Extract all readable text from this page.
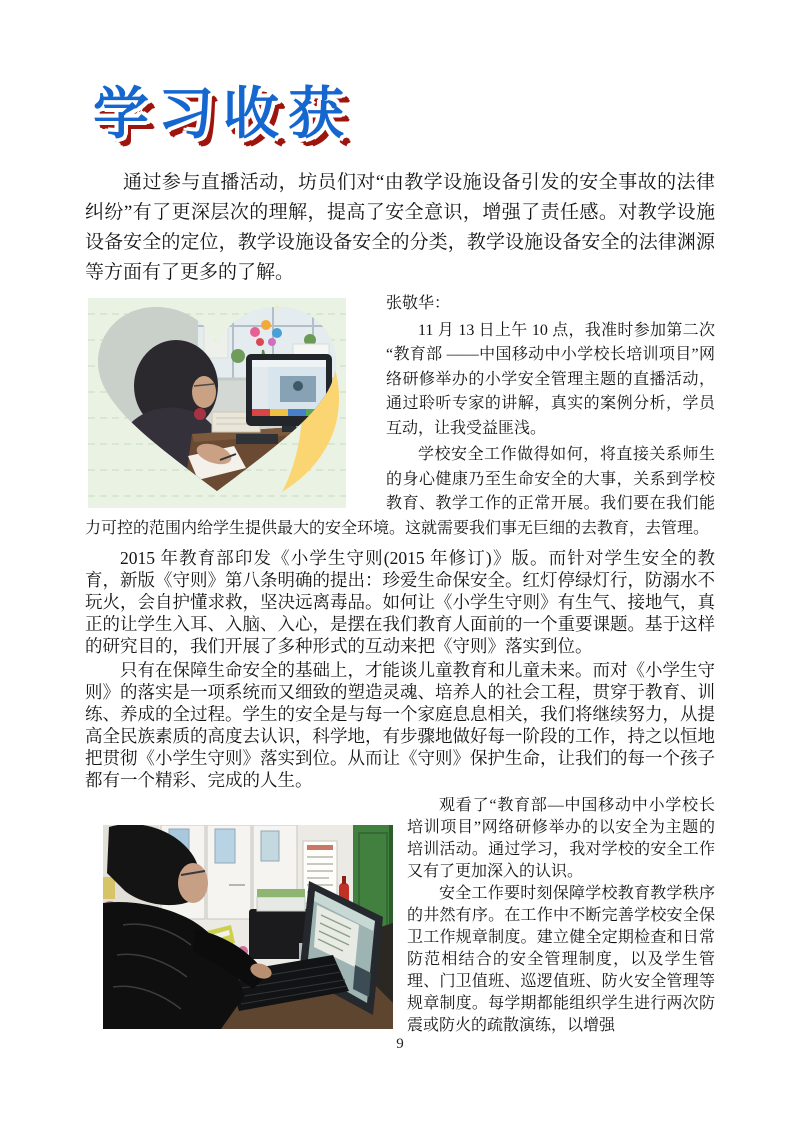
学习收获

通过参与直播活动，坊员们对“由教学设施设备引发的安全事故的法律纠纷”有了更深层次的理解，提高了安全意识，增强了责任感。对教学设施设备安全的定位，教学设施设备安全的分类，教学设施设备安全的法律渊源等方面有了更多的了解。

张敬华：

11 月 13 日上午 10 点，我准时参加第二次“教育部 ——中国移动中小学校长培训项目”网络研修举办的小学安全管理主题的直播活动，通过聆听专家的讲解，真实的案例分析，学员互动，让我受益匪浅。

学校安全工作做得如何，将直接关系师生的身心健康乃至生命安全的大事，关系到学校教育、教学工作的正常开展。我们要在我们能力可控的范围内给学生提供最大的安全环境。这就需要我们事无巨细的去教育，去管理。

2015 年教育部印发《小学生守则(2015 年修订)》版。而针对学生安全的教育，新版《守则》第八条明确的提出：珍爱生命保安全。红灯停绿灯行，防溺水不玩火，会自护懂求救，坚决远离毒品。如何让《小学生守则》有生气、接地气，真正的让学生入耳、入脑、入心，是摆在我们教育人面前的一个重要课题。基于这样的研究目的，我们开展了多种形式的互动来把《守则》落实到位。

只有在保障生命安全的基础上，才能谈儿童教育和儿童未来。而对《小学生守则》的落实是一项系统而又细致的塑造灵魂、培养人的社会工程，贯穿于教育、训练、养成的全过程。学生的安全是与每一个家庭息息相关，我们将继续努力，从提高全民族素质的高度去认识，科学地，有步骤地做好每一阶段的工作，持之以恒地把贯彻《小学生守则》落实到位。从而让《守则》保护生命，让我们的每一个孩子都有一个精彩、完成的人生。

观看了“教育部—中国移动中小学校长培训项目”网络研修举办的以安全为主题的培训活动。通过学习，我对学校的安全工作又有了更加深入的认识。

安全工作要时刻保障学校教育教学秩序的井然有序。在工作中不断完善学校安全保卫工作规章制度。建立健全定期检查和日常防范相结合的安全管理制度，以及学生管理、门卫值班、巡逻值班、防火安全管理等规章制度。每学期都能组织学生进行两次防震或防火的疏散演练，以增强

9
